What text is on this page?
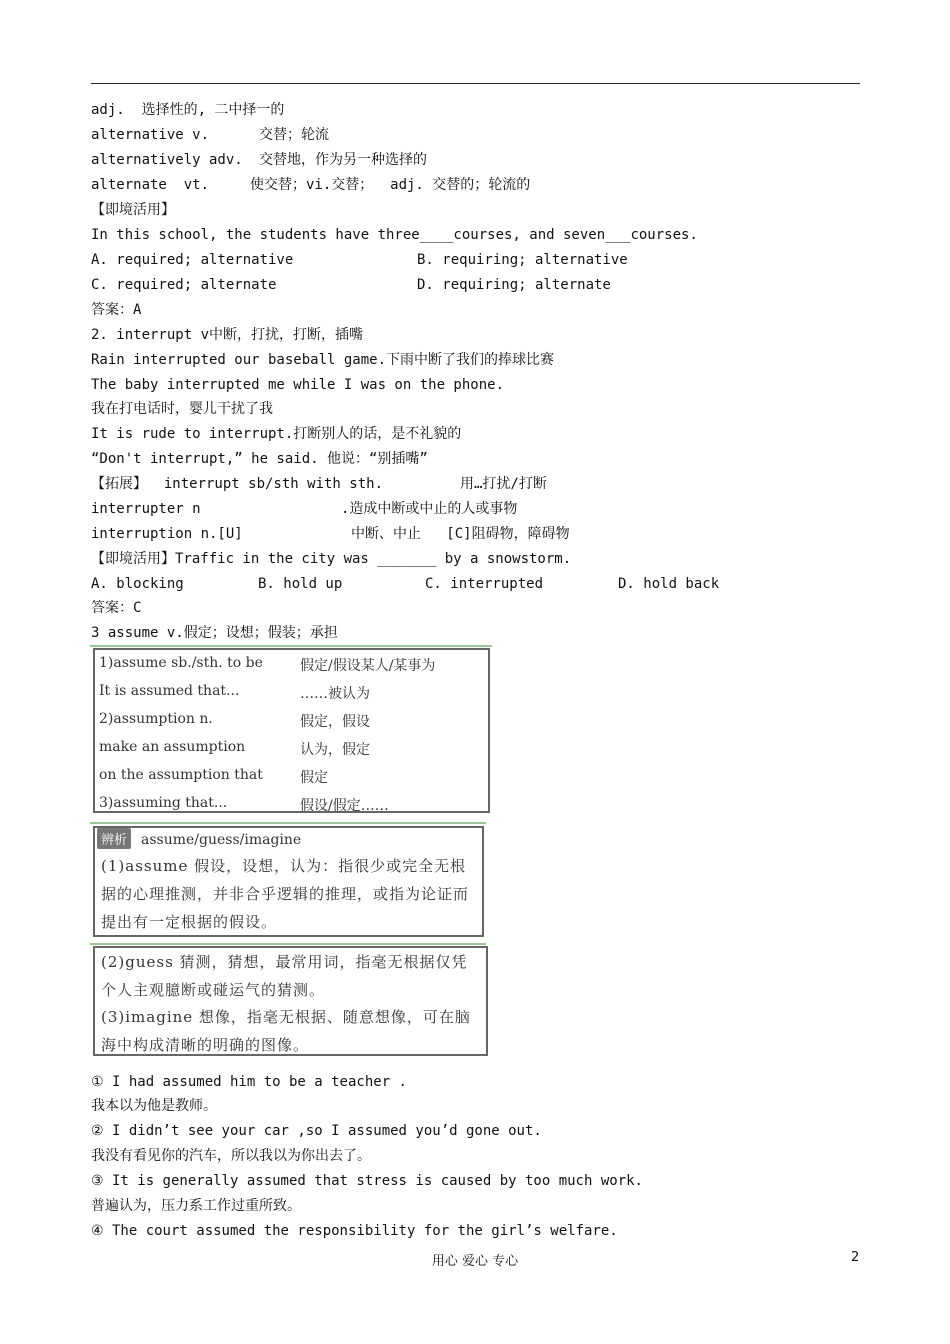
adj.  选择性的, 二中择一的
alternative v.	交替；轮流
alternatively adv. 交替地，作为另一种选择的
alternate  vt.	使交替；vi.交替；  adj. 交替的；轮流的
【即境活用】
In this school, the students have three____courses, and seven___courses.
A. required; alternative	B. requiring; alternative
C. required; alternate	D. requiring; alternate
答案：A
2. interrupt v中断，打扰，打断，插嘴
Rain interrupted our baseball game.下雨中断了我们的捧球比赛
The baby interrupted me while I was on the phone.
我在打电话时，婴儿干扰了我
It is rude to interrupt.打断别人的话，是不礼貌的
“Don't interrupt,” he said. 他说：“别插嘴”
【拓展】  interrupt sb/sth with sth.	用…打扰/打断
interrupter n	.造成中断或中止的人或事物
interruption n.[U]	中断、中止   [C]阻碍物，障碍物
【即境活用】Traffic in the city was _______ by a snowstorm.
A. blocking	B. hold up	C. interrupted	D. hold back
答案：C
3 assume v.假定；设想；假装；承担
1)assume sb./sth. to be	假定/假设某人/某事为
It is assumed that...	……被认为
2)assumption n.	假定，假设
make an assumption	认为，假定
on the assumption that	假定
3)assuming that...	假设/假定……
辨析 assume/guess/imagine
(1)assume 假设，设想，认为：指很少或完全无根据的心理推测，并非合乎逻辑的推理，或指为论证而提出有一定根据的假设。
(2)guess 猜测，猜想，最常用词，指毫无根据仅凭个人主观臆断或碰运气的猜测。
(3)imagine 想像，指毫无根据、随意想像，可在脑海中构成清晰的明确的图像。
① I had assumed him to be a teacher .
我本以为他是教师。
② I didn’t see your car ,so I assumed you’d gone out.
我没有看见你的汽车，所以我以为你出去了。
③ It is generally assumed that stress is caused by too much work.
普遍认为，压力系工作过重所致。
④ The court assumed the responsibility for the girl’s welfare.
用心 爱心 专心	2
